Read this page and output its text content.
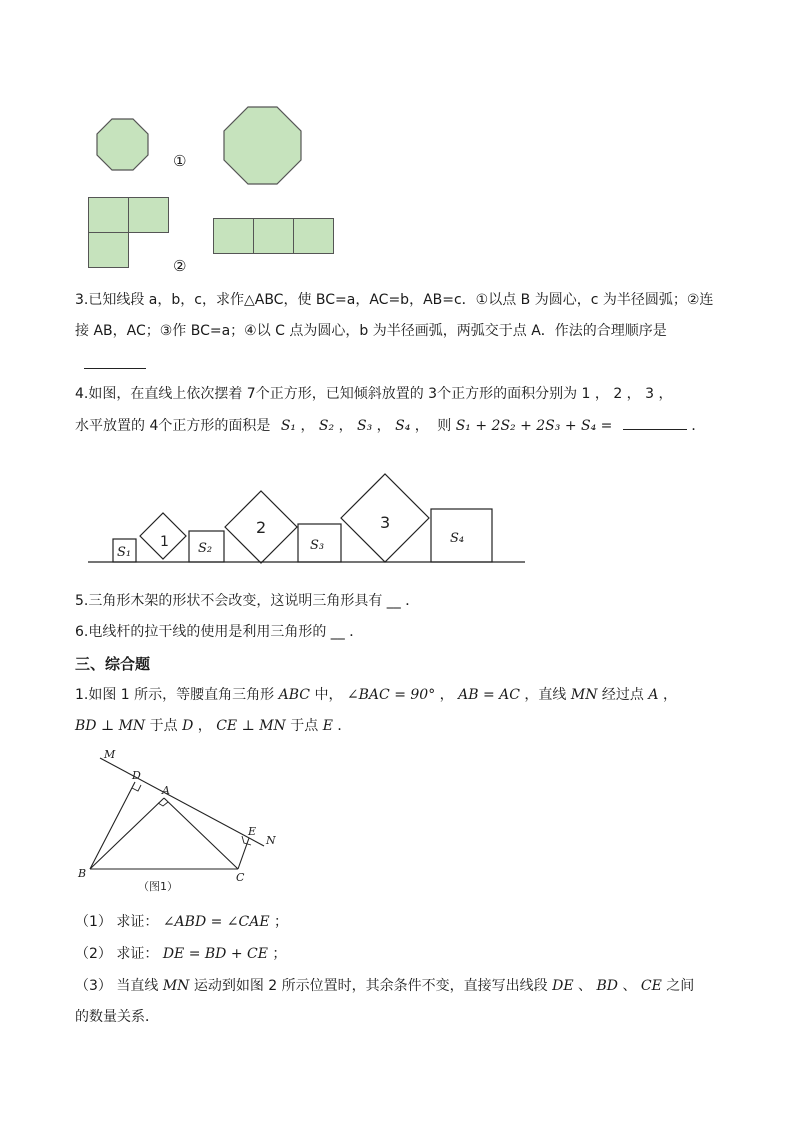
①
②
3.已知线段 a，b，c，求作△ABC，使 BC=a，AC=b，AB=c．①以点 B 为圆心，c 为半径圆弧；②连
接 AB，AC；③作 BC=a；④以 C 点为圆心，b 为半径画弧，两弧交于点 A．作法的合理顺序是
4.如图，在直线上依次摆着 7个正方形，已知倾斜放置的 3个正方形的面积分别为 1 ， 2 ， 3 ，
水平放置的 4个正方形的面积是 S₁ ， S₂ ， S₃ ， S₄ ， 则 S₁ + 2S₂ + 2S₃ + S₄ =	．
1
2	3
S₁	S₂	S₃	S₄
5.三角形木架的形状不会改变，这说明三角形具有 __ ．
6.电线杆的拉干线的使用是利用三角形的 __ ．
三、综合题
1.如图 1 所示，等腰直角三角形 ABC 中， ∠BAC = 90° ， AB = AC ，直线 MN 经过点 A ，
BD ⊥ MN 于点 D ， CE ⊥ MN 于点 E ．
M
D
A
E
N
B	C
（图1）
（1） 求证： ∠ABD = ∠CAE ；
（2） 求证： DE = BD + CE ；
（3） 当直线 MN 运动到如图 2 所示位置时，其余条件不变，直接写出线段 DE 、 BD 、 CE 之间
的数量关系．
